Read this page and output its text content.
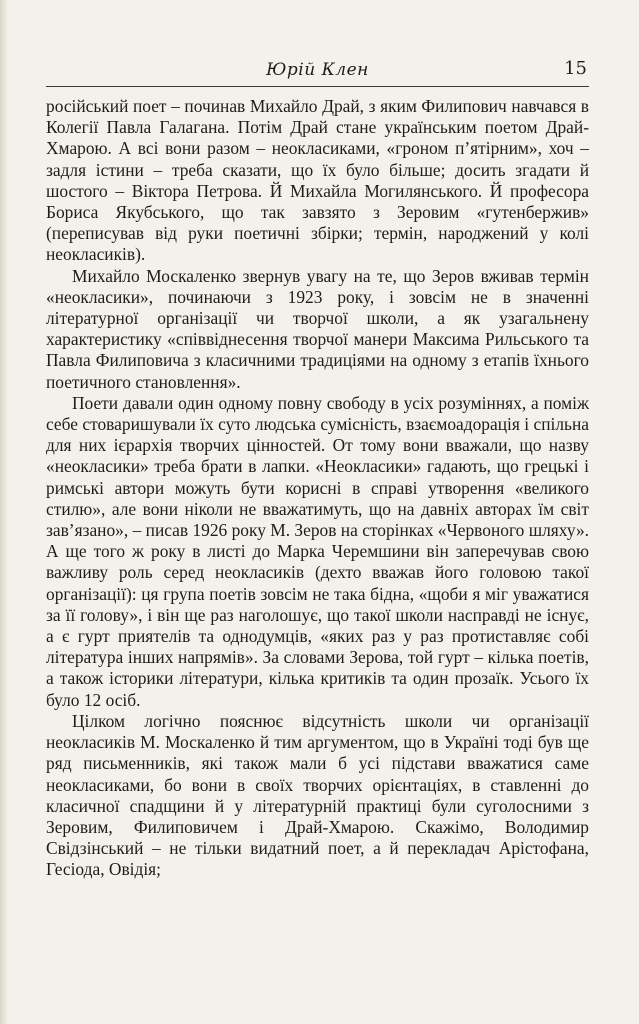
Юрій Клен	15

російський поет – починав Михайло Драй, з яким Филипович навчався в Колегії Павла Галагана. Потім Драй стане українським поетом Драй-Хмарою. А всі вони разом – неокласиками, «гроном п’ятірним», хоч – задля істини – треба сказати, що їх було більше; досить згадати й шостого – Віктора Петрова. Й Михайла Могилянського. Й професора Бориса Якубського, що так завзято з Зеровим «гутенбержив» (переписував від руки поетичні збірки; термін, народжений у колі неокласиків).

Михайло Москаленко звернув увагу на те, що Зеров вживав термін «неокласики», починаючи з 1923 року, і зовсім не в значенні літературної організації чи творчої школи, а як узагальнену характеристику «співвіднесення творчої манери Максима Рильського та Павла Филиповича з класичними традиціями на одному з етапів їхнього поетичного становлення».

Поети давали один одному повну свободу в усіх розуміннях, а поміж себе стоваришували їх суто людська сумісність, взаємоадорація і спільна для них ієрархія творчих цінностей. От тому вони вважали, що назву «неокласики» треба брати в лапки. «Неокласики» гадають, що грецькі і римські автори можуть бути корисні в справі утворення «великого стилю», але вони ніколи не вважатимуть, що на давніх авторах їм світ зав’язано», – писав 1926 року М. Зеров на сторінках «Червоного шляху». А ще того ж року в листі до Марка Черемшини він заперечував свою важливу роль серед неокласиків (дехто вважав його головою такої організації): ця група поетів зовсім не така бідна, «щоби я міг уважатися за її голову», і він ще раз наголошує, що такої школи насправді не існує, а є гурт приятелів та однодумців, «яких раз у раз протиставляє собі література інших напрямів». За словами Зерова, той гурт – кілька поетів, а також історики літератури, кілька критиків та один прозаїк. Усього їх було 12 осіб.

Цілком логічно пояснює відсутність школи чи організації неокласиків М. Москаленко й тим аргументом, що в Україні тоді був ще ряд письменників, які також мали б усі підстави вважатися саме неокласиками, бо вони в своїх творчих орієнтаціях, в ставленні до класичної спадщини й у літературній практиці були суголосними з Зеровим, Филиповичем і Драй-Хмарою. Скажімо, Володимир Свідзінський – не тільки видатний поет, а й перекладач Арістофана, Гесіода, Овідія;
